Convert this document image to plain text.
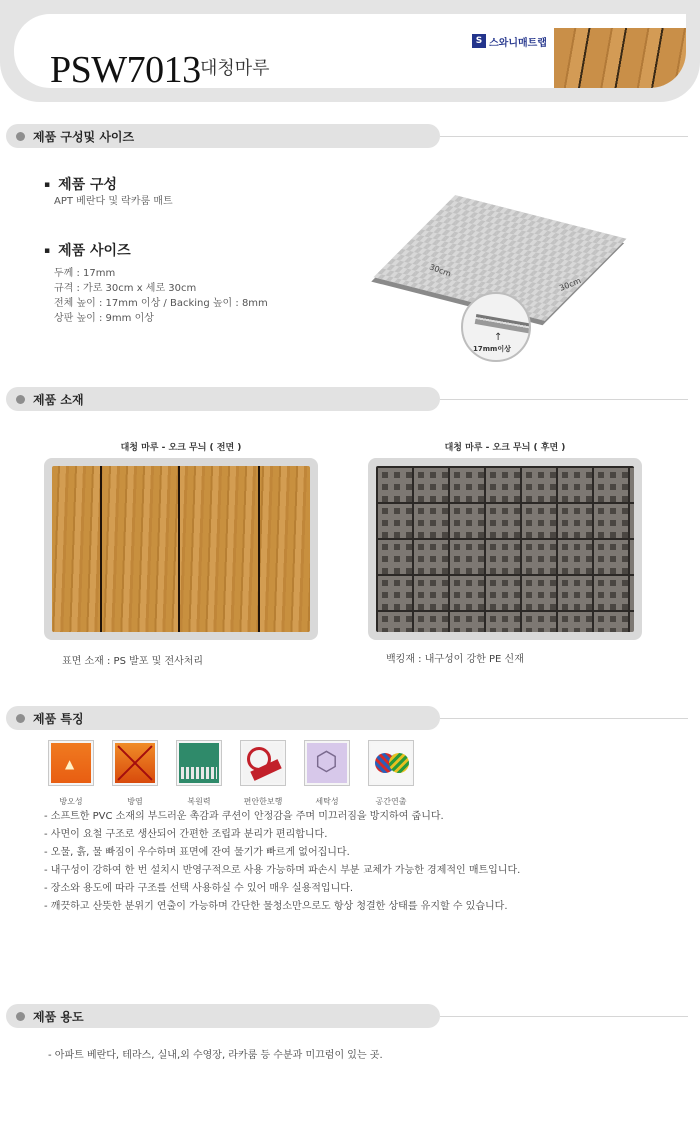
PSW7013 대청마루
S 스와니매트랩
제품 구성및 사이즈
▪ 제품 구성
APT 베란다 및 락카룸 매트
▪ 제품 사이즈
두께 : 17mm
규격 : 가로 30cm x 세로 30cm
전체 높이 : 17mm 이상 / Backing 높이 : 8mm
상판 높이 : 9mm 이상
30cm
30cm
↑
17mm이상
제품 소재
대청 마루 - 오크 무늬 ( 전면 )	대청 마루 - 오크 무늬 ( 후면 )
표면 소재 : PS 발포 및 전사처리	백킹재 : 내구성이 강한 PE 신재
제품 특징
▲
방오성	방염	복원력	편안한보행
⬡	세탁성	공간연출
- 소프트한 PVC 소재의 부드러운 촉감과 쿠션이 안정감을 주며 미끄러짐을 방지하여 줍니다.
- 사면이 요철 구조로 생산되어 간편한 조립과 분리가 편리합니다.
- 오물, 흙, 물 빠짐이 우수하며 표면에 잔여 물기가 빠르게 없어집니다.
- 내구성이 강하여 한 번 설치시 반영구적으로 사용 가능하며 파손시 부분 교체가 가능한 경제적인 매트입니다.
- 장소와 용도에 따라 구조를 선택 사용하실 수 있어 매우 실용적입니다.
- 깨끗하고 산뜻한 분위기 연출이 가능하며 간단한 물청소만으로도 항상 청결한 상태를 유지할 수 있습니다.
제품 용도
- 아파트 베란다, 테라스, 실내,외 수영장, 라카룸 등 수분과 미끄럼이 있는 곳.
